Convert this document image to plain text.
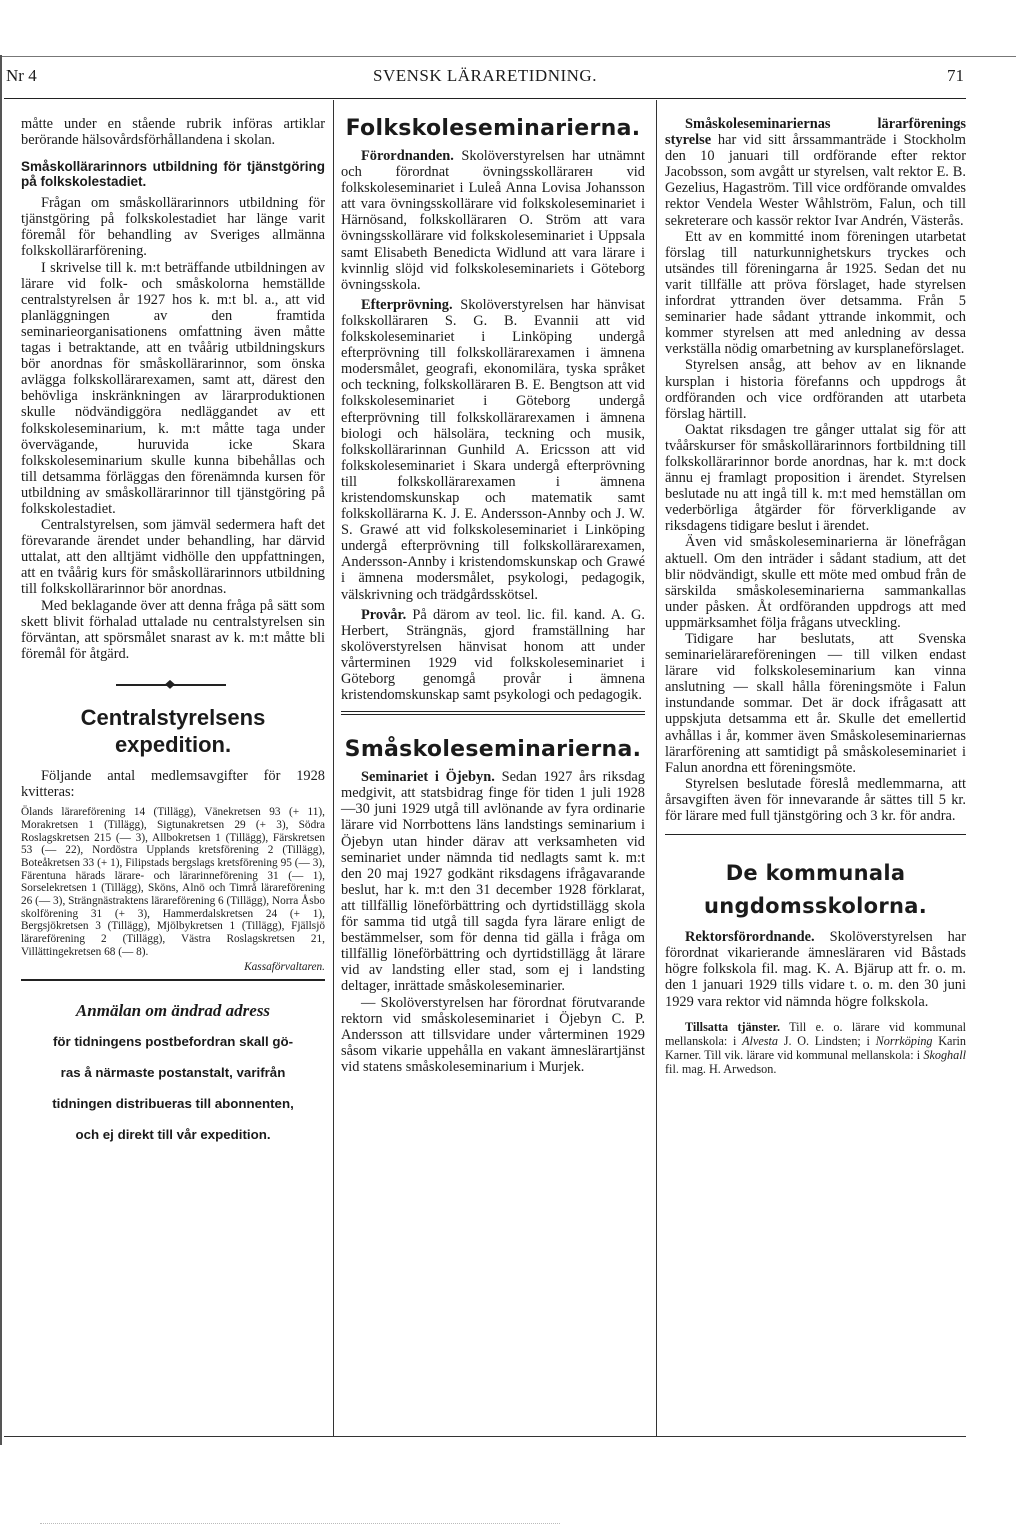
Nr 4	SVENSK LÄRARETIDNING.	71

måtte under en stående rubrik införas artiklar berörande hälsovårdsförhållandena i skolan.

Småskollärarinnors utbildning för tjänstgöring på folkskolestadiet.

Frågan om småskollärarinnors utbildning för tjänstgöring på folkskolestadiet har länge varit föremål för behandling av Sveriges allmänna folkskollärarförening.

I skrivelse till k. m:t beträffande utbildningen av lärare vid folk- och småskolorna hemställde centralstyrelsen år 1927 hos k. m:t bl. a., att vid planläggningen av den framtida seminarieorganisationens omfattning även måtte tagas i betraktande, att en tvåårig utbildningskurs bör anordnas för småskollärarinnor, som önska avlägga folkskollärarexamen, samt att, därest den behövliga inskränkningen av lärarproduktionen skulle nödvändiggöra nedläggandet av ett folkskoleseminarium, k. m:t måtte taga under övervägande, huruvida icke Skara folkskoleseminarium skulle kunna bibehållas och till detsamma förläggas den förenämnda kursen för utbildning av småskollärarinnor till tjänstgöring på folkskolestadiet.

Centralstyrelsen, som jämväl sedermera haft det förevarande ärendet under behandling, har därvid uttalat, att den alltjämt vidhölle den uppfattningen, att en tvåårig kurs för småskollärarinnors utbildning till folkskollärarinnor bör anordnas.

Med beklagande över att denna fråga på sätt som skett blivit förhalad uttalade nu centralstyrelsen sin förväntan, att spörsmålet snarast av k. m:t måtte bli föremål för åtgärd.

Centralstyrelsens expedition.

Följande antal medlemsavgifter för 1928 kvitteras:

Ölands lärareförening 14 (Tillägg), Vänekretsen 93 (+ 11), Morakretsen 1 (Tillägg), Sigtunakretsen 29 (+ 3), Södra Roslagskretsen 215 (— 3), Allbokretsen 1 (Tillägg), Färskretsen 53 (— 22), Nordöstra Upplands kretsförening 2 (Tillägg), Boteåkretsen 33 (+ 1), Filipstads bergslags kretsförening 95 (— 3), Färentuna härads lärare- och lärarinneförening 31 (— 1), Sorselekretsen 1 (Tillägg), Sköns, Alnö och Timrå lärareförening 26 (— 3), Strängnästraktens lärareförening 6 (Tillägg), Norra Åsbo skolförening 31 (+ 3), Hammerdalskretsen 24 (+ 1), Bergsjökretsen 3 (Tillägg), Mjölbykretsen 1 (Tillägg), Fjällsjö lärareförening 2 (Tillägg), Västra Roslagskretsen 21, Villättingekretsen 68 (— 8).
Kassaförvaltaren.

Anmälan om ändrad adress

för tidningens postbefordran skall gö-

ras å närmaste postanstalt, varifrån

tidningen distribueras till abonnenten,

och ej direkt till vår expedition.

Folkskoleseminarierna.

Förordnanden. Skolöverstyrelsen har utnämnt och förordnat övningsskollärarен vid folkskoleseminariet i Luleå Anna Lovisa Johansson att vara övningsskollärare vid folkskoleseminariet i Härnösand, folkskolläraren O. Ström att vara övningsskollärare vid folkskoleseminariet i Uppsala samt Elisabeth Benedicta Widlund att vara lärare i kvinnlig slöjd vid folkskoleseminariets i Göteborg övningsskola.

Efterprövning. Skolöverstyrelsen har hänvisat folkskolläraren S. G. B. Evannii att vid folkskoleseminariet i Linköping undergå efterprövning till folkskollärarexamen i ämnena modersmålet, geografi, ekonomilära, tyska språket och teckning, folkskolläraren B. E. Bengtson att vid folkskoleseminariet i Göteborg undergå efterprövning till folkskollärarexamen i ämnena biologi och hälsolära, teckning och musik, folkskollärarinnan Gunhild A. Ericsson att vid folkskoleseminariet i Skara undergå efterprövning till folkskollärarexamen i ämnena kristendomskunskap och matematik samt folkskollärarna K. J. E. Andersson-Annby och J. W. S. Grawé att vid folkskoleseminariet i Linköping undergå efterprövning till folkskollärarexamen, Andersson-Annby i kristendomskunskap och Grawé i ämnena modersmålet, psykologi, pedagogik, välskrivning och trädgårdsskötsel.

Provår. På därom av teol. lic. fil. kand. A. G. Herbert, Strängnäs, gjord framställning har skolöverstyrelsen hänvisat honom att under vårterminen 1929 vid folkskoleseminariet i Göteborg genomgå provår i ämnena kristendomskunskap samt psykologi och pedagogik.

Småskoleseminarierna.

Seminariet i Öjebyn. Sedan 1927 års riksdag medgivit, att statsbidrag finge för tiden 1 juli 1928—30 juni 1929 utgå till avlönande av fyra ordinarie lärare vid Norrbottens läns landstings seminarium i Öjebyn utan hinder därav att verksamheten vid seminariet under nämnda tid nedlagts samt k. m:t den 20 maj 1927 godkänt riksdagens ifrågavarande beslut, har k. m:t den 31 december 1928 förklarat, att tillfällig löneförbättring och dyrtidstillägg skola för samma tid utgå till sagda fyra lärare enligt de bestämmelser, som för denna tid gälla i fråga om tillfällig löneförbättring och dyrtidstillägg åt lärare vid av landsting eller stad, som ej i landsting deltager, inrättade småskoleseminarier.

— Skolöverstyrelsen har förordnat förutvarande rektorn vid småskoleseminariet i Öjebyn C. P. Andersson att tillsvidare under vårterminen 1929 såsom vikarie uppehålla en vakant ämneslärartjänst vid statens småskoleseminarium i Murjek.

Småskoleseminariernas lärarförenings styrelse har vid sitt årssammanträde i Stockholm den 10 januari till ordförande efter rektor Jacobsson, som avgått ur styrelsen, valt rektor E. B. Gezelius, Hagaström. Till vice ordförande omvaldes rektor Vendela Wester Wåhlström, Falun, och till sekreterare och kassör rektor Ivar Andrén, Västerås.

Ett av en kommitté inom föreningen utarbetat förslag till naturkunnighetskurs tryckes och utsändes till föreningarna år 1925. Sedan det nu varit tillfälle att pröva förslaget, hade styrelsen infordrat yttranden över detsamma. Från 5 seminarier hade sådant yttrande inkommit, och kommer styrelsen att med anledning av dessa verkställa nödig omarbetning av kursplaneförslaget.

Styrelsen ansåg, att behov av en liknande kursplan i historia förefanns och uppdrogs åt ordföranden och vice ordföranden att utarbeta förslag härtill.

Oaktat riksdagen tre gånger uttalat sig för att tvåårskurser för småskollärarinnors fortbildning till folkskollärarinnor borde anordnas, har k. m:t dock ännu ej framlagt proposition i ärendet. Styrelsen beslutade nu att ingå till k. m:t med hemställan om vederbörliga åtgärder för förverkligande av riksdagens tidigare beslut i ärendet.

Även vid småskoleseminarierna är lönefrågan aktuell. Om den inträder i sådant stadium, att det blir nödvändigt, skulle ett möte med ombud från de särskilda småskoleseminarierna sammankallas under påsken. Åt ordföranden uppdrogs att med uppmärksamhet följa frågans utveckling.

Tidigare har beslutats, att Svenska seminarielärareföreningen — till vilken endast lärare vid folkskoleseminarium kan vinna anslutning — skall hålla föreningsmöte i Falun instundande sommar. Det är dock ifrågasatt att uppskjuta detsamma ett år. Skulle det emellertid avhållas i år, kommer även Småskoleseminariernas lärarförening att samtidigt på småskoleseminariet i Falun anordna ett föreningsmöte.

Styrelsen beslutade föreslå medlemmarna, att årsavgiften även för innevarande år sättes till 5 kr. för lärare med full tjänstgöring och 3 kr. för andra.

De kommunala ungdomsskolorna.

Rektorsförordnande. Skolöverstyrelsen har förordnat vikarierande ämnesläraren vid Båstads högre folkskola fil. mag. K. A. Bjärup att fr. o. m. den 1 januari 1929 tills vidare t. o. m. den 30 juni 1929 vara rektor vid nämnda högre folkskola.

Tillsatta tjänster. Till e. o. lärare vid kommunal mellanskola: i Alvesta J. O. Lindsten; i Norrköping Karin Karner. Till vik. lärare vid kommunal mellanskola: i Skoghall fil. mag. H. Arwedson.
